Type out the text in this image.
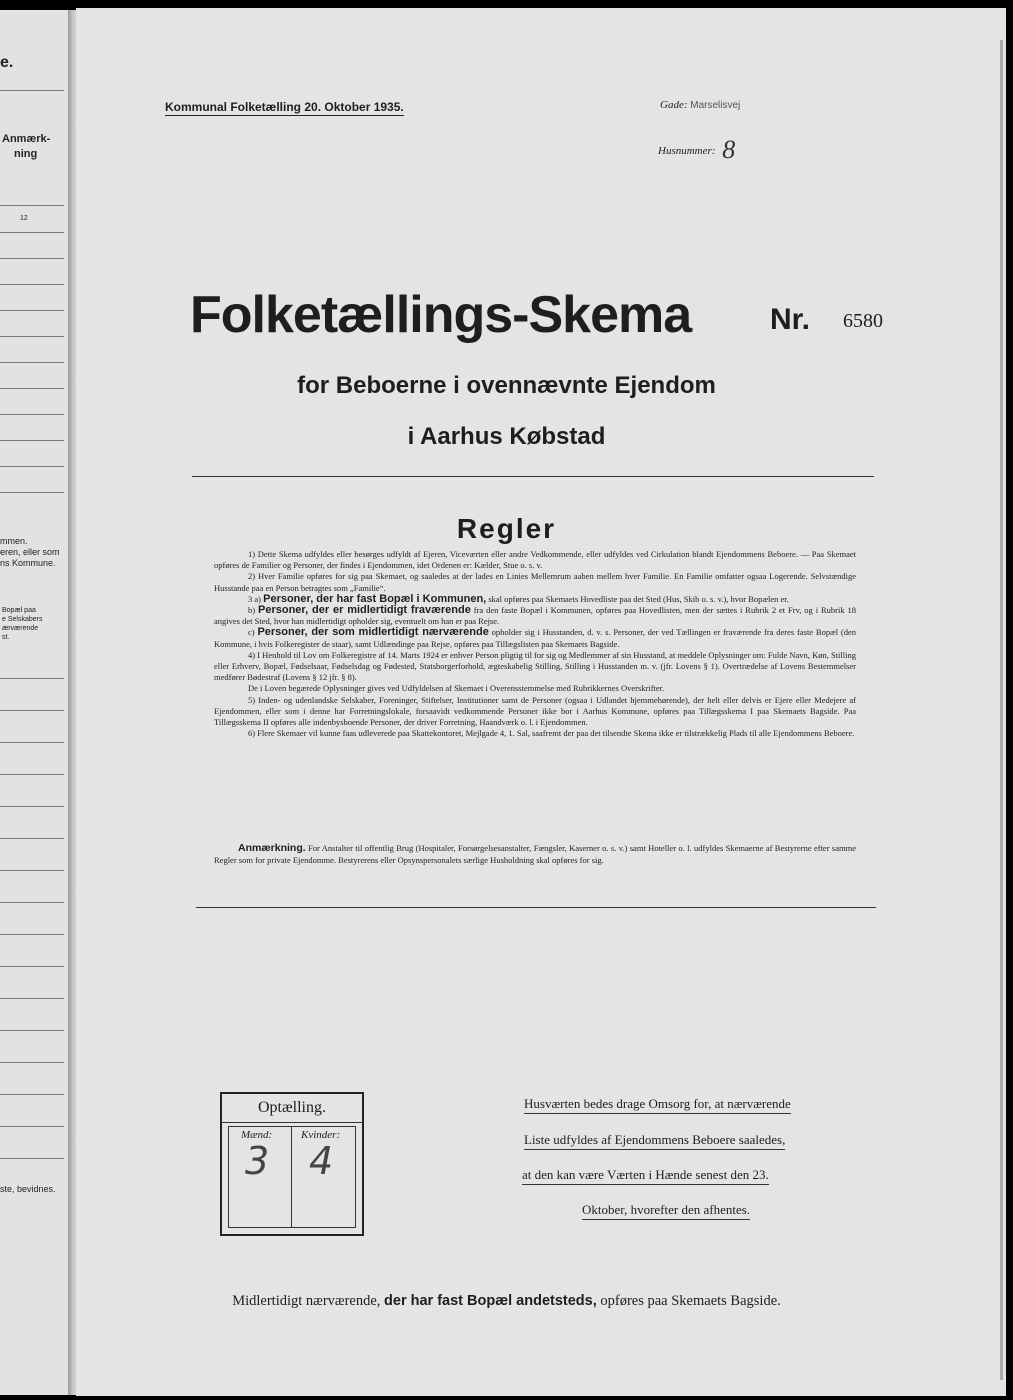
e.
Anmærk-
ning
12
mmen.
eren, eller som
ns Kommune.
Bopæl paa
e Selskabers
ærværende
st.
ste, bevidnes.
Kommunal Folketælling 20. Oktober 1935.	Gade: Marselisvej
Husnummer: 8
Folketællings-Skema	Nr. 6580
for Beboerne i ovennævnte Ejendom
i Aarhus Købstad
Regler

1) Dette Skema udfyldes eller besørges udfyldt af Ejeren, Viceværten eller andre Vedkommende, eller udfyldes ved Cirkulation blandt Ejendommens Beboere. — Paa Skemaet opføres de Familier og Personer, der findes i Ejendommen, idet Ordenen er: Kælder, Stue o. s. v.

2) Hver Familie opføres for sig paa Skemaet, og saaledes at der lades en Linies Mellemrum aaben mellem hver Familie. En Familie omfatter ogsaa Logerende. Selvstændige Husstande paa en Person betragtes som „Familie“.

3 a) Personer, der har fast Bopæl i Kommunen, skal opføres paa Skemaets Hovedliste paa det Sted (Hus, Skib o. s. v.), hvor Bopælen er.

b) Personer, der er midlertidigt fraværende fra den faste Bopæl i Kommunen, opføres paa Hovedlisten, men der sættes i Rubrik 2 et Frv, og i Rubrik 18 angives det Sted, hvor han midlertidigt opholder sig, eventuelt om han er paa Rejse.

c) Personer, der som midlertidigt nærværende opholder sig i Husstanden, d. v. s. Personer, der ved Tællingen er fraværende fra deres faste Bopæl (den Kommune, i hvis Folkeregister de staar), samt Udlændinge paa Rejse, opføres paa Tillægslisten paa Skemaets Bagside.

4) I Henhold til Lov om Folkeregistre af 14. Marts 1924 er enhver Person pligtig til for sig og Medlemmer af sin Husstand, at meddele Oplysninger om: Fulde Navn, Køn, Stilling eller Erhverv, Bopæl, Fødselsaar, Fødselsdag og Fødested, Statsborgerforhold, ægteskabelig Stilling, Stilling i Husstanden m. v. (jfr. Lovens § 1). Overtrædelse af Lovens Bestemmelser medfører Bødestraf (Lovens § 12 jfr. § 8).

De i Loven begærede Oplysninger gives ved Udfyldelsen af Skemaet i Overensstemmelse med Rubrikkernes Overskrifter.

5) Inden- og udenlandske Selskaber, Foreninger, Stiftelser, Institutioner samt de Personer (ogsaa i Udlandet hjemmehørende), der helt eller delvis er Ejere eller Medejere af Ejendommen, eller som i denne har Forretningslokale, forsaavidt vedkommende Personer ikke bor i Aarhus Kommune, opføres paa Tillægsskema I paa Skemaets Bagside. Paa Tillægsskema II opføres alle indenbysboende Personer, der driver Forretning, Haandværk o. l. i Ejendommen.

6) Flere Skemaer vil kunne faas udleverede paa Skattekontoret, Mejlgade 4, 1. Sal, saafremt der paa det tilsendte Skema ikke er tilstrækkelig Plads til alle Ejendommens Beboere.

Anmærkning. For Anstalter til offentlig Brug (Hospitaler, Forsørgelsesanstalter, Fængsler, Kaserner o. s. v.) samt Hoteller o. l. udfyldes Skemaerne af Bestyrerne efter samme Regler som for private Ejendomme. Bestyrerens eller Opsynspersonalets særlige Husholdning skal opføres for sig.
Optælling.
Mænd:	Kvinder:
3 4
Husværten bedes drage Omsorg for, at nærværende
Liste udfyldes af Ejendommens Beboere saaledes,
at den kan være Værten i Hænde senest den 23.
Oktober, hvorefter den afhentes.
Midlertidigt nærværende, der har fast Bopæl andetsteds, opføres paa Skemaets Bagside.
